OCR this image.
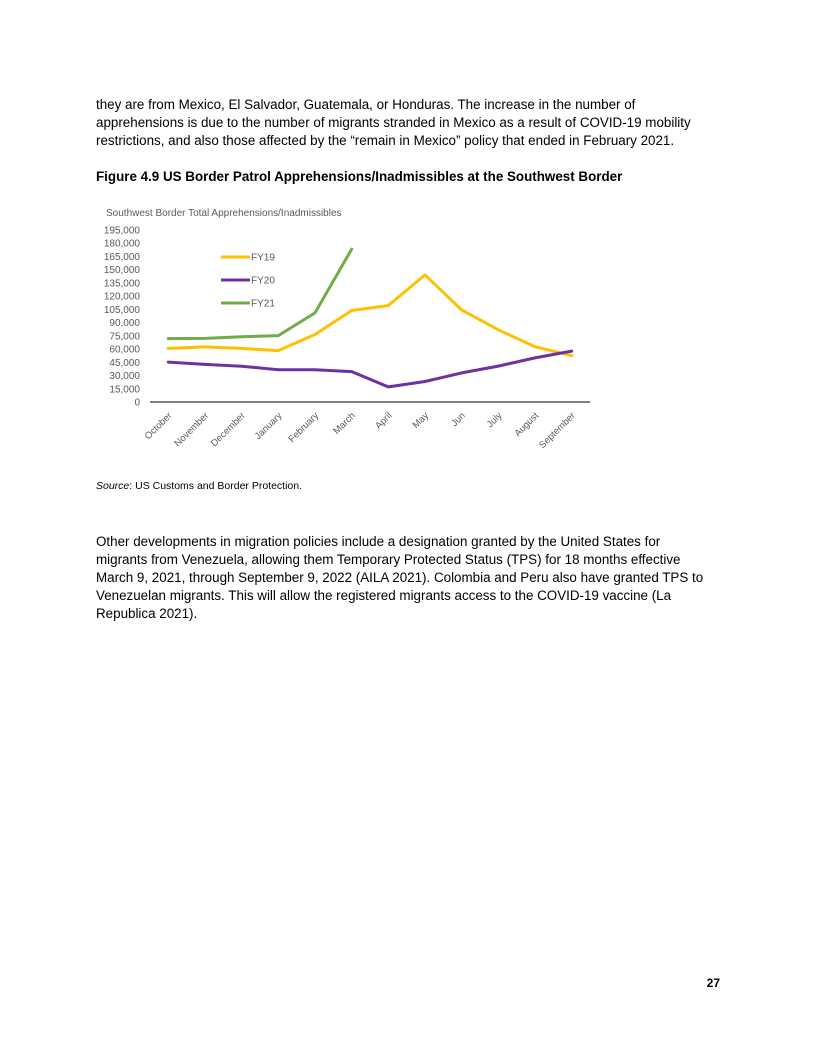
they are from Mexico, El Salvador, Guatemala, or Honduras. The increase in the number of apprehensions is due to the number of migrants stranded in Mexico as a result of COVID-19 mobility restrictions, and also those affected by the “remain in Mexico” policy that ended in February 2021.

Figure 4.9 US Border Patrol Apprehensions/Inadmissibles at the Southwest Border

Southwest Border Total Apprehensions/Inadmissibles
0
15,000
30,000
45,000
60,000
75,000
90,000
105,000
120,000
135,000
150,000
165,000
180,000
195,000
October
November
December January February March April May Jun July August
September
FY19
FY20
FY21

Source: US Customs and Border Protection.

Other developments in migration policies include a designation granted by the United States for migrants from Venezuela, allowing them Temporary Protected Status (TPS) for 18 months effective March 9, 2021, through September 9, 2022 (AILA 2021). Colombia and Peru also have granted TPS to Venezuelan migrants. This will allow the registered migrants access to the COVID-19 vaccine (La Republica 2021).

27
